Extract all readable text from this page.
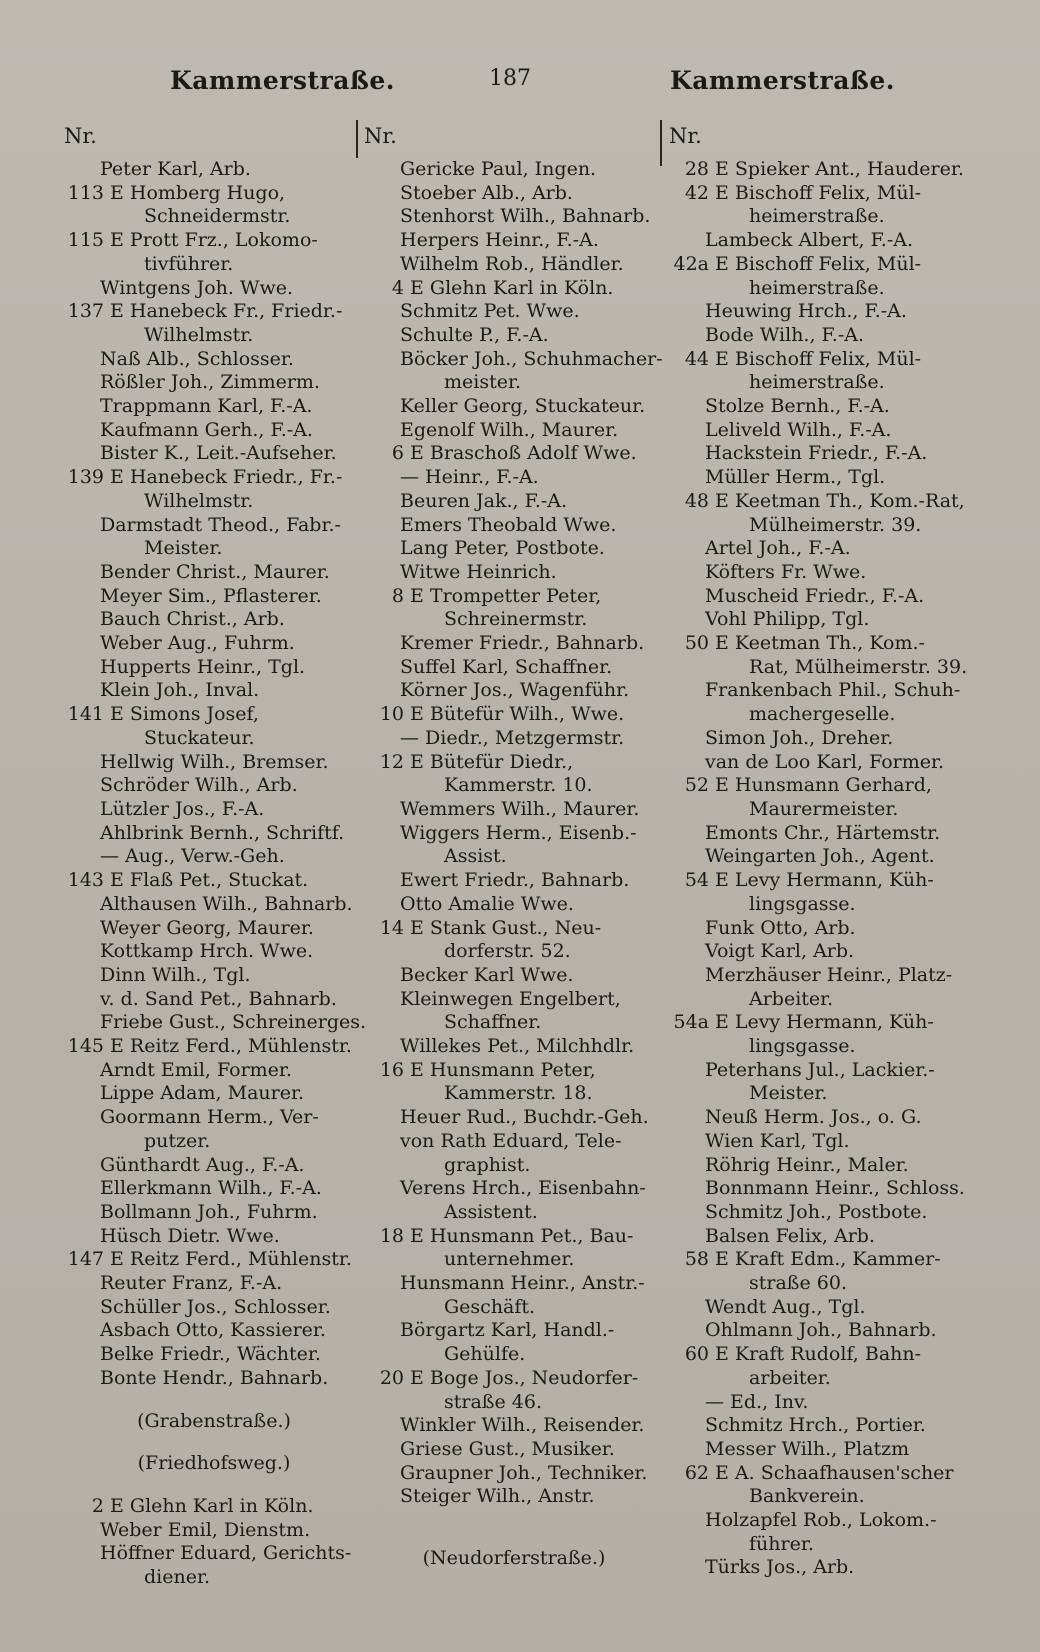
Kammerstraße.	187	Kammerstraße.
Nr.
Peter Karl, Arb.
113 E Homberg Hugo,
Schneidermstr.
115 E Prott Frz., Lokomo-
tivführer.
Wintgens Joh. Wwe.
137 E Hanebeck Fr., Friedr.-
Wilhelmstr.
Naß Alb., Schlosser.
Rößler Joh., Zimmerm.
Trappmann Karl, F.-A.
Kaufmann Gerh., F.-A.
Bister K., Leit.-Aufseher.
139 E Hanebeck Friedr., Fr.-
Wilhelmstr.
Darmstadt Theod., Fabr.-
Meister.
Bender Christ., Maurer.
Meyer Sim., Pflasterer.
Bauch Christ., Arb.
Weber Aug., Fuhrm.
Hupperts Heinr., Tgl.
Klein Joh., Inval.
141 E Simons Josef,
Stuckateur.
Hellwig Wilh., Bremser.
Schröder Wilh., Arb.
Lützler Jos., F.-A.
Ahlbrink Bernh., Schriftf.
— Aug., Verw.-Geh.
143 E Flaß Pet., Stuckat.
Althausen Wilh., Bahnarb.
Weyer Georg, Maurer.
Kottkamp Hrch. Wwe.
Dinn Wilh., Tgl.
v. d. Sand Pet., Bahnarb.
Friebe Gust., Schreinerges.
145 E Reitz Ferd., Mühlenstr.
Arndt Emil, Former.
Lippe Adam, Maurer.
Goormann Herm., Ver-
putzer.
Günthardt Aug., F.-A.
Ellerkmann Wilh., F.-A.
Bollmann Joh., Fuhrm.
Hüsch Dietr. Wwe.
147 E Reitz Ferd., Mühlenstr.
Reuter Franz, F.-A.
Schüller Jos., Schlosser.
Asbach Otto, Kassierer.
Belke Friedr., Wächter.
Bonte Hendr., Bahnarb.
(Grabenstraße.)
(Friedhofsweg.)
2 E Glehn Karl in Köln.
Weber Emil, Dienstm.
Höffner Eduard, Gerichts-
diener.
Nr.
Gericke Paul, Ingen.
Stoeber Alb., Arb.
Stenhorst Wilh., Bahnarb.
Herpers Heinr., F.-A.
Wilhelm Rob., Händler.
4 E Glehn Karl in Köln.
Schmitz Pet. Wwe.
Schulte P., F.-A.
Böcker Joh., Schuhmacher-
meister.
Keller Georg, Stuckateur.
Egenolf Wilh., Maurer.
6 E Braschoß Adolf Wwe.
— Heinr., F.-A.
Beuren Jak., F.-A.
Emers Theobald Wwe.
Lang Peter, Postbote.
Witwe Heinrich.
8 E Trompetter Peter,
Schreinermstr.
Kremer Friedr., Bahnarb.
Suffel Karl, Schaffner.
Körner Jos., Wagenführ.
10 E Bütefür Wilh., Wwe.
— Diedr., Metzgermstr.
12 E Bütefür Diedr.,
Kammerstr. 10.
Wemmers Wilh., Maurer.
Wiggers Herm., Eisenb.-
Assist.
Ewert Friedr., Bahnarb.
Otto Amalie Wwe.
14 E Stank Gust., Neu-
dorferstr. 52.
Becker Karl Wwe.
Kleinwegen Engelbert,
Schaffner.
Willekes Pet., Milchhdlr.
16 E Hunsmann Peter,
Kammerstr. 18.
Heuer Rud., Buchdr.-Geh.
von Rath Eduard, Tele-
graphist.
Verens Hrch., Eisenbahn-
Assistent.
18 E Hunsmann Pet., Bau-
unternehmer.
Hunsmann Heinr., Anstr.-
Geschäft.
Börgartz Karl, Handl.-
Gehülfe.
20 E Boge Jos., Neudorfer-
straße 46.
Winkler Wilh., Reisender.
Griese Gust., Musiker.
Graupner Joh., Techniker.
Steiger Wilh., Anstr.
(Neudorferstraße.)
Nr.
28 E Spieker Ant., Hauderer.
42 E Bischoff Felix, Mül-
heimerstraße.
Lambeck Albert, F.-A.
42a E Bischoff Felix, Mül-
heimerstraße.
Heuwing Hrch., F.-A.
Bode Wilh., F.-A.
44 E Bischoff Felix, Mül-
heimerstraße.
Stolze Bernh., F.-A.
Leliveld Wilh., F.-A.
Hackstein Friedr., F.-A.
Müller Herm., Tgl.
48 E Keetman Th., Kom.-Rat,
Mülheimerstr. 39.
Artel Joh., F.-A.
Köfters Fr. Wwe.
Muscheid Friedr., F.-A.
Vohl Philipp, Tgl.
50 E Keetman Th., Kom.-
Rat, Mülheimerstr. 39.
Frankenbach Phil., Schuh-
machergeselle.
Simon Joh., Dreher.
van de Loo Karl, Former.
52 E Hunsmann Gerhard,
Maurermeister.
Emonts Chr., Härtemstr.
Weingarten Joh., Agent.
54 E Levy Hermann, Küh-
lingsgasse.
Funk Otto, Arb.
Voigt Karl, Arb.
Merzhäuser Heinr., Platz-
Arbeiter.
54a E Levy Hermann, Küh-
lingsgasse.
Peterhans Jul., Lackier.-
Meister.
Neuß Herm. Jos., o. G.
Wien Karl, Tgl.
Röhrig Heinr., Maler.
Bonnmann Heinr., Schloss.
Schmitz Joh., Postbote.
Balsen Felix, Arb.
58 E Kraft Edm., Kammer-
straße 60.
Wendt Aug., Tgl.
Ohlmann Joh., Bahnarb.
60 E Kraft Rudolf, Bahn-
arbeiter.
— Ed., Inv.
Schmitz Hrch., Portier.
Messer Wilh., Platzm
62 E A. Schaafhausen'scher
Bankverein.
Holzapfel Rob., Lokom.-
führer.
Türks Jos., Arb.
